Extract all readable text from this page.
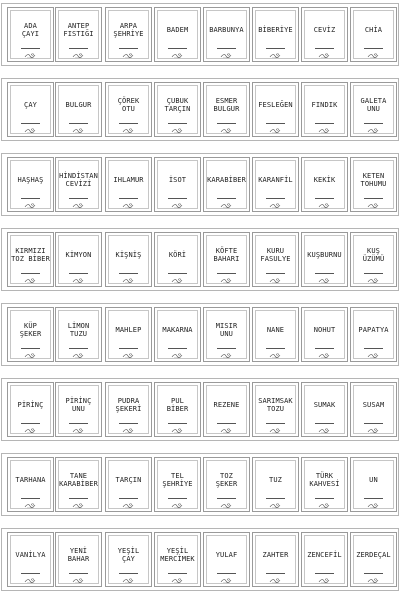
ADA
ÇAYI
ANTEP
FISTIĞI
ARPA
ŞEHRİYE	BADEM	BARBUNYA	BİBERİYE	CEVİZ	CHİA
ÇAY	BULGUR	ÇÖREK
OTU
ÇUBUK
TARÇIN
ESMER
BULGUR	FESLEĞEN	FINDIK	GALETA
UNU
HAŞHAŞ	HİNDİSTAN
CEVİZİ	IHLAMUR	İSOT	KARABİBER	KARANFİL	KEKİK	KETEN
TOHUMU
KIRMIZI
TOZ BİBER	KİMYON	KİŞNİŞ	KÖRİ	KÖFTE
BAHARI
KURU
FASULYE	KUŞBURNU	KUŞ
ÜZÜMÜ
KÜP
ŞEKER
LİMON
TUZU	MAHLEP	MAKARNA	MISIR
UNU	NANE	NOHUT	PAPATYA
PİRİNÇ	PİRİNÇ
UNU
PUDRA
ŞEKERİ
PUL
BİBER	REZENE	SARIMSAK
TOZU	SUMAK	SUSAM
TARHANA	TANE
KARABİBER	TARÇIN	TEL
ŞEHRİYE
TOZ
ŞEKER	TUZ	TÜRK
KAHVESİ	UN
VANİLYA	YENİ
BAHAR
YEŞİL
ÇAY
YEŞİL
MERCİMEK	YULAF	ZAHTER	ZENCEFİL	ZERDEÇAL
